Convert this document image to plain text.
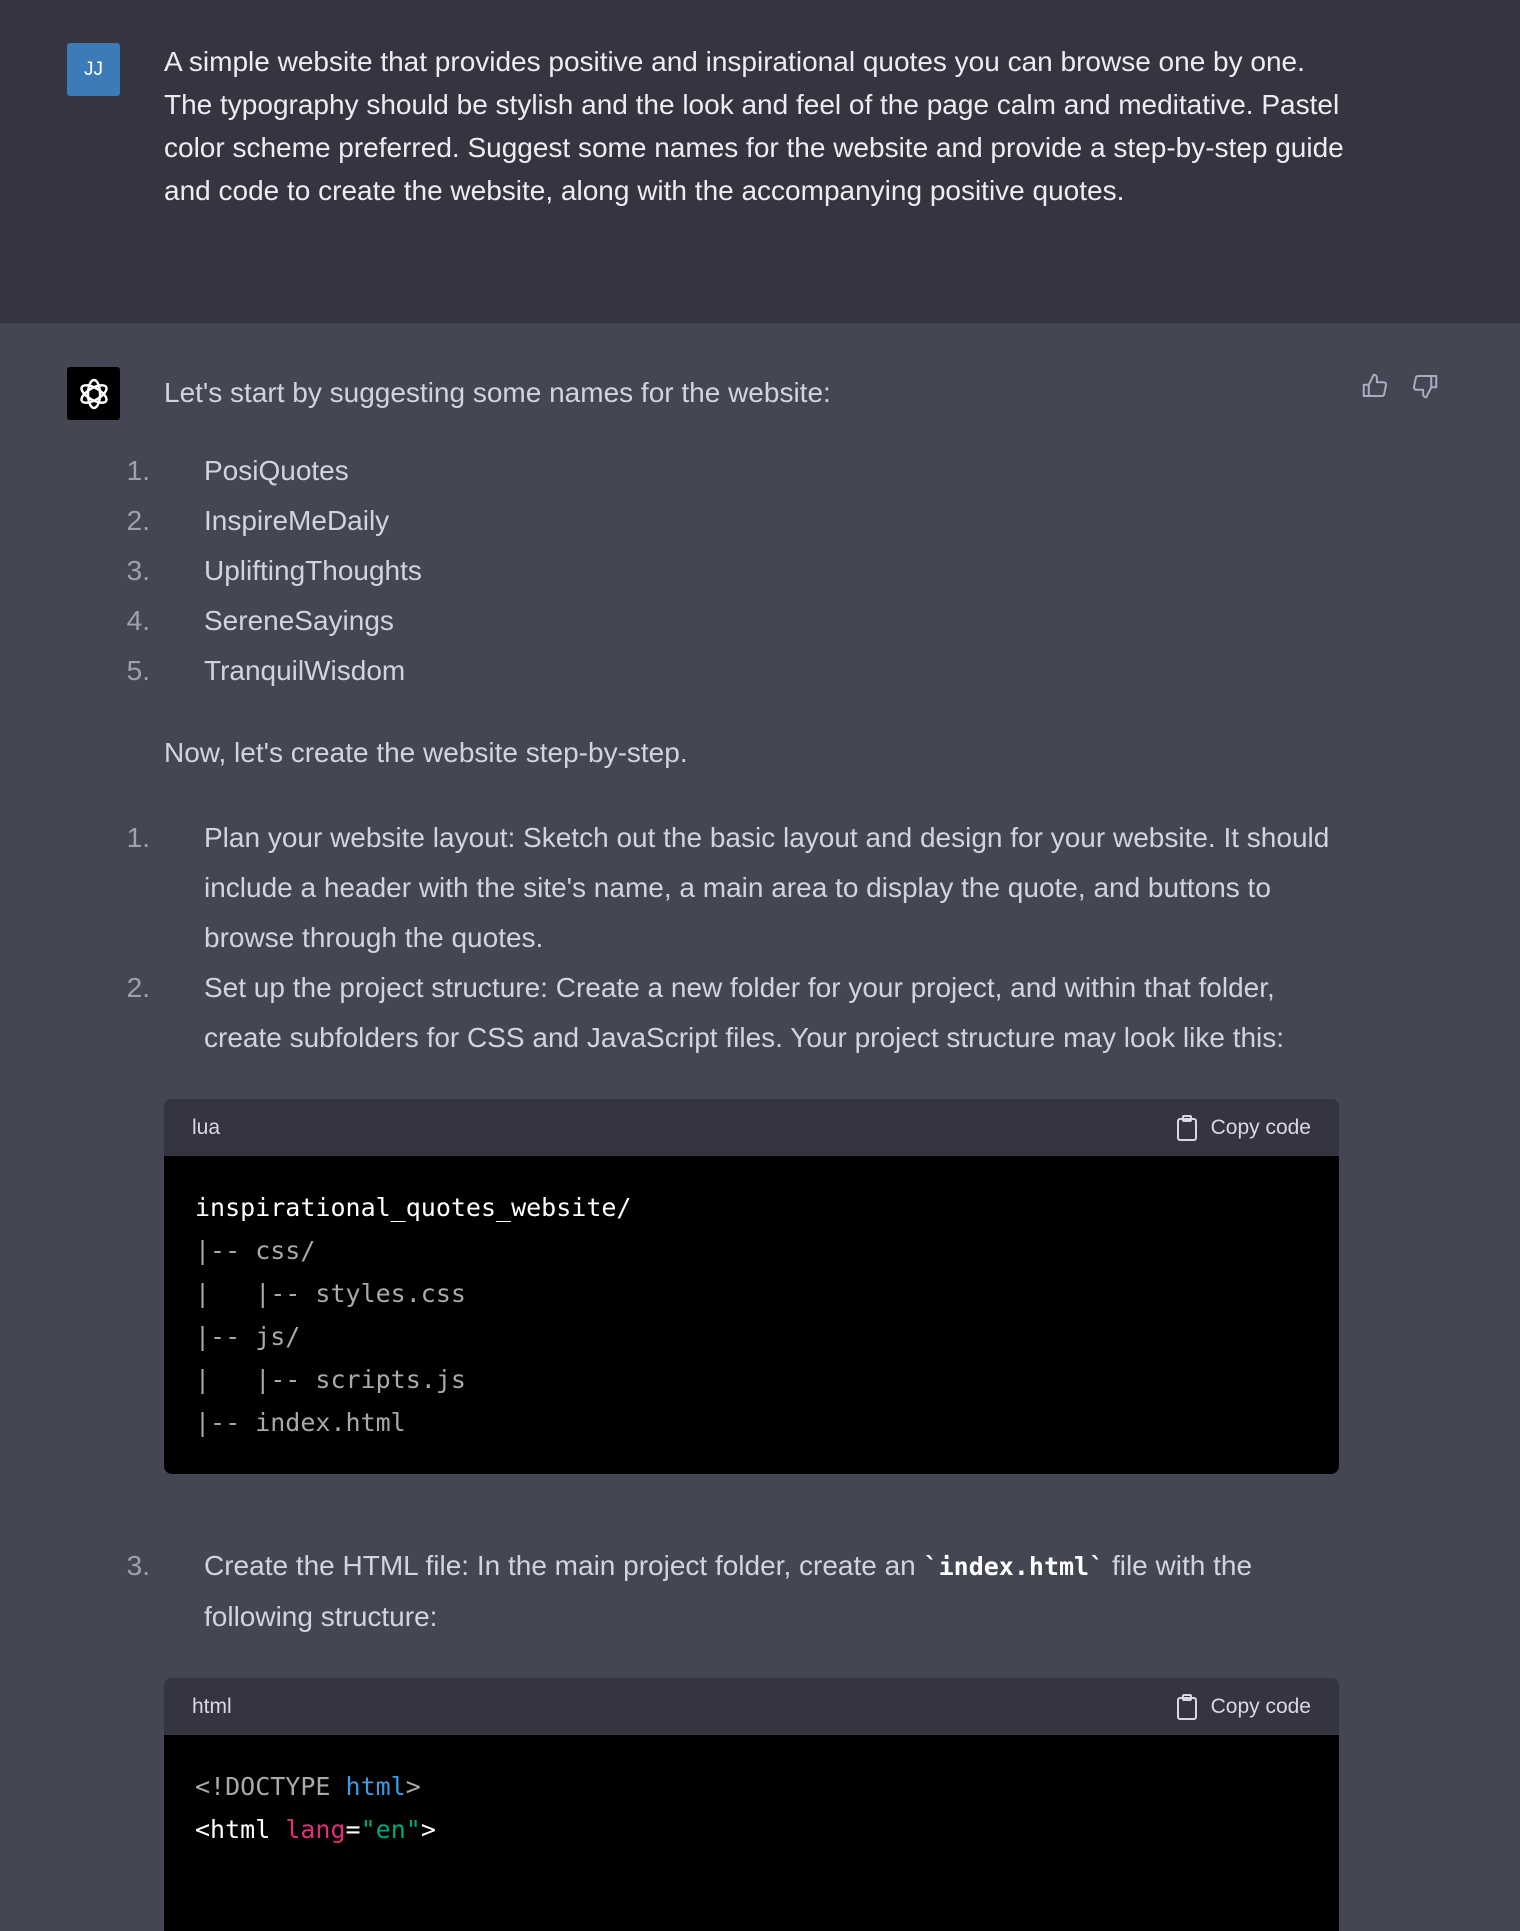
JJ	A simple website that provides positive and inspirational quotes you can browse one by one. The typography should be stylish and the look and feel of the page calm and meditative. Pastel color scheme preferred. Suggest some names for the website and provide a step-by-step guide and code to create the website, along with the accompanying positive quotes.

Let's start by suggesting some names for the website:

1. PosiQuotes
2. InspireMeDaily
3. UpliftingThoughts
4. SereneSayings
5. TranquilWisdom

Now, let's create the website step-by-step.

1. Plan your website layout: Sketch out the basic layout and design for your website. It should include a header with the site's name, a main area to display the quote, and buttons to browse through the quotes.
2. Set up the project structure: Create a new folder for your project, and within that folder, create subfolders for CSS and JavaScript files. Your project structure may look like this:
lua	Copy code
inspirational_quotes_website/
|-- css/
|   |-- styles.css
|-- js/
|   |-- scripts.js
|-- index.html
3. Create the HTML file: In the main project folder, create an `index.html` file with the following structure:
html	Copy code
<!DOCTYPE html>
<html lang="en">
